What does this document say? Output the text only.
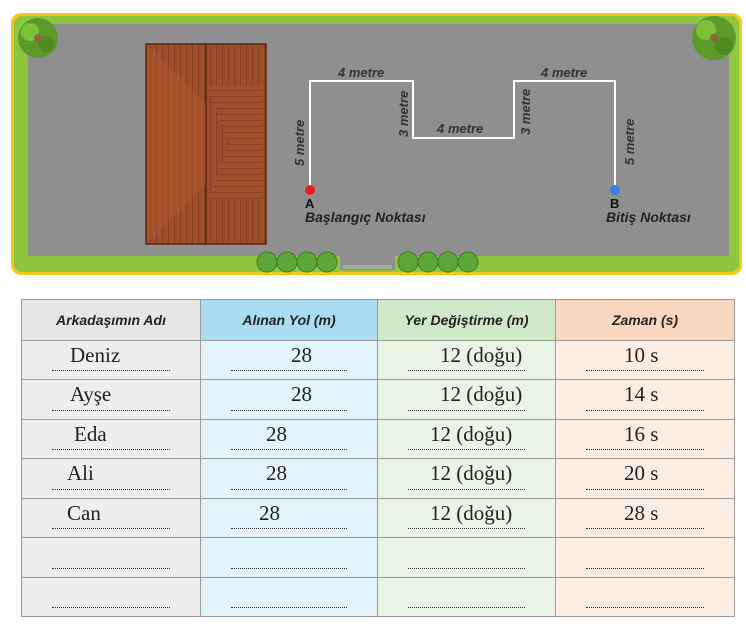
4 metre
4 metre
4 metre
5 metre
3 metre	3 metre
5 metre
A	B
Başlangıç Noktası	Bitiş Noktası
Arkadaşımın Adı	Alınan Yol (m)	Yer Değiştirme (m)	Zaman (s)

Deniz	28	12 (doğu)	10 s

Ayşe	28	12 (doğu)	14 s

Eda	28	12 (doğu)	16 s

Ali	28	12 (doğu)	20 s

Can	28	12 (doğu)	28 s
